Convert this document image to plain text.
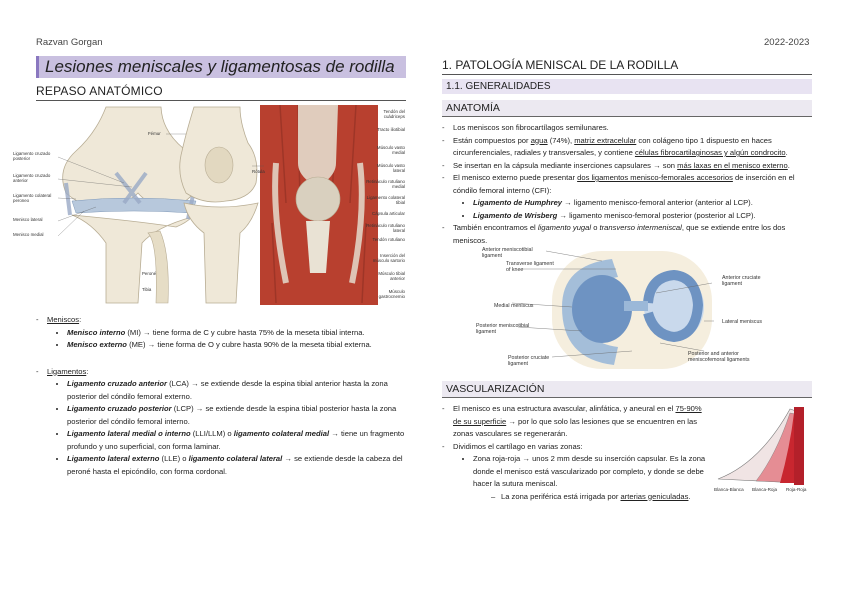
Razvan Gorgan	2022-2023
Lesiones meniscales y ligamentosas de rodilla
REPASO ANATÓMICO
Ligamento cruzado posterior
Ligamento cruzado anterior
Ligamento colateral peroneo
Menisco lateral
Menisco medial
Fémur
Rótula
Peroné
Tibia
Tendón del cuádriceps
Tracto iliotibial
Músculo vasto medial
Músculo vasto lateral
Retináculo rotuliano medial
Ligamento colateral tibial
Cápsula articular
Retináculo rotuliano lateral
Tendón rotuliano
Inserción del músculo sartorio
Músculo tibial anterior
Músculo gastrocnemio
- Meniscos:
• Menisco interno (MI) → tiene forma de C y cubre hasta 75% de la meseta tibial interna.
• Menisco externo (ME) → tiene forma de O y cubre hasta 90% de la meseta tibial externa.
- Ligamentos:
• Ligamento cruzado anterior (LCA) → se extiende desde la espina tibial anterior hasta la zona posterior del cóndilo femoral externo.
• Ligamento cruzado posterior (LCP) → se extiende desde la espina tibial posterior hasta la zona posterior del cóndilo femoral interno.
• Ligamento lateral medial o interno (LLI/LLM) o ligamento colateral medial → tiene un fragmento profundo y uno superficial, con forma laminar.
• Ligamento lateral externo (LLE) o ligamento colateral lateral → se extiende desde la cabeza del peroné hasta el epicóndilo, con forma cordonal.
1. PATOLOGÍA MENISCAL DE LA RODILLA
1.1. GENERALIDADES
ANATOMÍA
- Los meniscos son fibrocartílagos semilunares.
- Están compuestos por agua (74%), matriz extracelular con colágeno tipo 1 dispuesto en haces circunferenciales, radiales y transversales, y contiene células fibrocartilaginosas y algún condrocito.
- Se insertan en la cápsula mediante inserciones capsulares → son más laxas en el menisco externo.
- El menisco externo puede presentar dos ligamentos menisco-femorales accesorios de inserción en el cóndilo femoral interno (CFI):
• Ligamento de Humphrey → ligamento menisco-femoral anterior (anterior al LCP).
• Ligamento de Wrisberg → ligamento menisco-femoral posterior (posterior al LCP).
- También encontramos el ligamento yugal o transverso intermeniscal, que se extiende entre los dos meniscos.
Anterior meniscotibial ligament
Transverse ligament of knee
Medial meniscus
Posterior meniscotibial ligament
Posterior cruciate ligament
Anterior cruciate ligament
Lateral meniscus
Posterior and anterior meniscofemoral ligaments
VASCULARIZACIÓN
- El menisco es una estructura avascular, alinfática, y aneural en el 75-90% de su superficie → por lo que solo las lesiones que se encuentren en las zonas vasculares se regenerarán.
- Dividimos el cartílago en varias zonas:
• Zona roja-roja → unos 2 mm desde su inserción capsular. Es la zona donde el menisco está vascularizado por completo, y donde se debe hacer la sutura meniscal.
– La zona periférica está irrigada por arterias geniculadas.
Blanca-Blanca Blanca-Roja Roja-Roja
